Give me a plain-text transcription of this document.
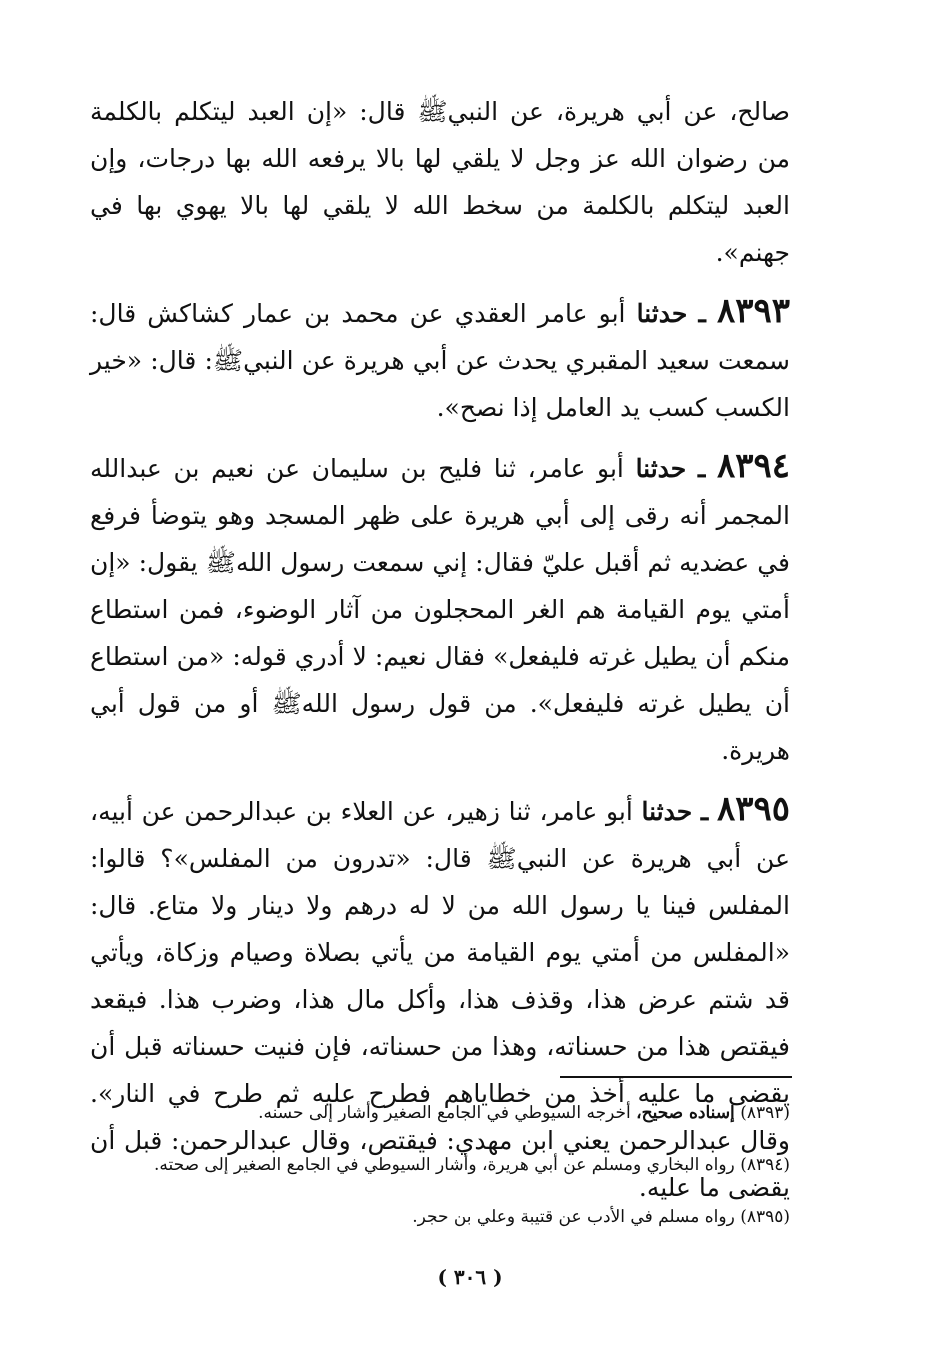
صالح، عن أبي هريرة، عن النبيﷺ قال: «إن العبد ليتكلم بالكلمة من رضوان الله عز وجل لا يلقي لها بالا يرفعه الله بها درجات، وإن العبد ليتكلم بالكلمة من سخط الله لا يلقي لها بالا يهوي بها في جهنم».

٨٣٩٣ ـ حدثنا أبو عامر العقدي عن محمد بن عمار كشاكش قال: سمعت سعيد المقبري يحدث عن أبي هريرة عن النبيﷺ: قال: «خير الكسب كسب يد العامل إذا نصح».

٨٣٩٤ ـ حدثنا أبو عامر، ثنا فليح بن سليمان عن نعيم بن عبدالله المجمر أنه رقى إلى أبي هريرة على ظهر المسجد وهو يتوضأ فرفع في عضديه ثم أقبل عليّ فقال: إني سمعت رسول اللهﷺ يقول: «إن أمتي يوم القيامة هم الغر المحجلون من آثار الوضوء، فمن استطاع منكم أن يطيل غرته فليفعل» فقال نعيم: لا أدري قوله: «من استطاع أن يطيل غرته فليفعل». من قول رسول اللهﷺ أو من قول أبي هريرة.

٨٣٩٥ ـ حدثنا أبو عامر، ثنا زهير، عن العلاء بن عبدالرحمن عن أبيه، عن أبي هريرة عن النبيﷺ قال: «تدرون من المفلس»؟ قالوا: المفلس فينا يا رسول الله من لا له درهم ولا دينار ولا متاع. قال: «المفلس من أمتي يوم القيامة من يأتي بصلاة وصيام وزكاة، ويأتي قد شتم عرض هذا، وقذف هذا، وأكل مال هذا، وضرب هذا. فيقعد فيقتص هذا من حسناته، وهذا من حسناته، فإن فنيت حسناته قبل أن يقضى ما عليه أخذ من خطاياهم فطرح عليه ثم طرح في النار». وقال عبدالرحمن يعني ابن مهدي: فيقتص، وقال عبدالرحمن: قبل أن يقضى ما عليه.

(٨٣٩٣) إسناده صحيح، أخرجه السيوطي في الجامع الصغير وأشار إلى حسنه.

(٨٣٩٤) رواه البخاري ومسلم عن أبي هريرة، وأشار السيوطي في الجامع الصغير إلى صحته.

(٨٣٩٥) رواه مسلم في الأدب عن قتيبة وعلي بن حجر.

( ٣٠٦ )
